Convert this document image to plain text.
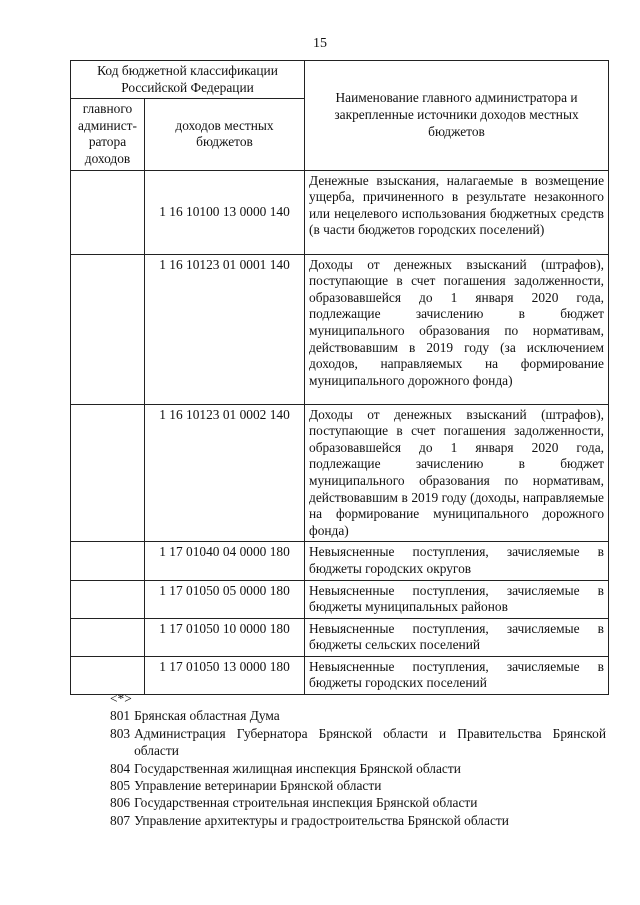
15
Код бюджетной классификации Российской Федерации		Наименование главного администратора и закрепленные источники доходов местных бюджетов
главного админист-ратора доходов	доходов местных бюджетов	
	1 16 10100 13 0000 140	Денежные взыскания, налагаемые в возмещение ущерба, причиненного в результате незаконного или нецелевого использования бюджетных средств (в части бюджетов городских поселений)
	1 16 10123 01 0001 140	Доходы от денежных взысканий (штрафов), поступающие в счет погашения задолженности, образовавшейся до 1 января 2020 года, подлежащие зачислению в бюджет муниципального образования по нормативам, действовавшим в 2019 году (за исключением доходов, направляемых на формирование муниципального дорожного фонда)
	1 16 10123 01 0002 140	Доходы от денежных взысканий (штрафов), поступающие в счет погашения задолженности, образовавшейся до 1 января 2020 года, подлежащие зачислению в бюджет муниципального образования по нормативам, действовавшим в 2019 году (доходы, направляемые на формирование муниципального дорожного фонда)
	1 17 01040 04 0000 180	Невыясненные поступления, зачисляемые в бюджеты городских округов
	1 17 01050 05 0000 180	Невыясненные поступления, зачисляемые в бюджеты муниципальных районов
	1 17 01050 10 0000 180	Невыясненные поступления, зачисляемые в бюджеты сельских поселений
	1 17 01050 13 0000 180	Невыясненные поступления, зачисляемые в бюджеты городских поселений
<*>
801 Брянская областная Дума
803 Администрация Губернатора Брянской области и Правительства Брянской области
804 Государственная жилищная инспекция Брянской области
805 Управление ветеринарии Брянской области
806 Государственная строительная инспекция Брянской области
807 Управление архитектуры и градостроительства Брянской области
